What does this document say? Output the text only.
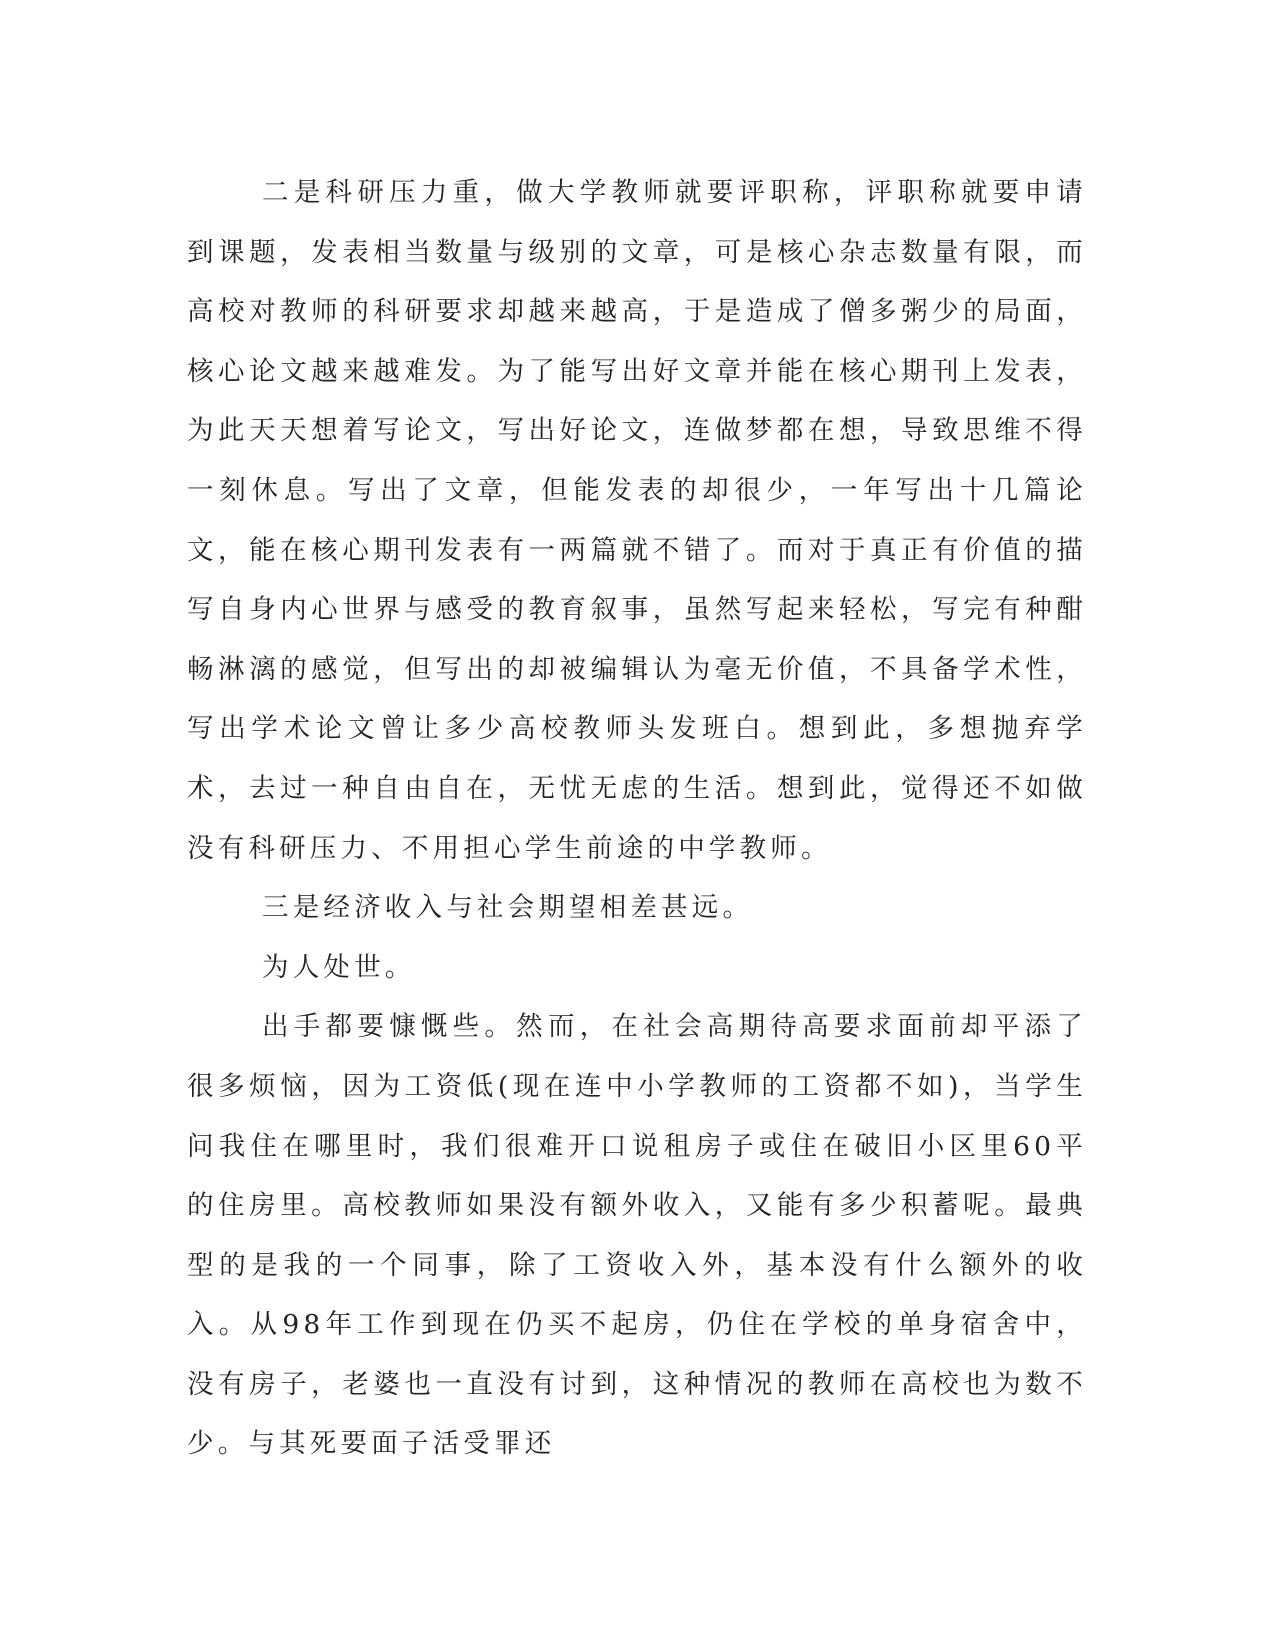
二是科研压力重，做大学教师就要评职称，评职称就要申请到课题，发表相当数量与级别的文章，可是核心杂志数量有限，而高校对教师的科研要求却越来越高，于是造成了僧多粥少的局面，核心论文越来越难发。为了能写出好文章并能在核心期刊上发表，为此天天想着写论文，写出好论文，连做梦都在想，导致思维不得一刻休息。写出了文章，但能发表的却很少，一年写出十几篇论文，能在核心期刊发表有一两篇就不错了。而对于真正有价值的描写自身内心世界与感受的教育叙事，虽然写起来轻松，写完有种酣畅淋漓的感觉，但写出的却被编辑认为毫无价值，不具备学术性，写出学术论文曾让多少高校教师头发班白。想到此，多想抛弃学术，去过一种自由自在，无忧无虑的生活。想到此，觉得还不如做没有科研压力、不用担心学生前途的中学教师。

三是经济收入与社会期望相差甚远。

为人处世。

出手都要慷慨些。然而，在社会高期待高要求面前却平添了很多烦恼，因为工资低(现在连中小学教师的工资都不如)，当学生问我住在哪里时，我们很难开口说租房子或住在破旧小区里60平的住房里。高校教师如果没有额外收入，又能有多少积蓄呢。最典型的是我的一个同事，除了工资收入外，基本没有什么额外的收入。从98年工作到现在仍买不起房，仍住在学校的单身宿舍中，没有房子，老婆也一直没有讨到，这种情况的教师在高校也为数不少。与其死要面子活受罪还
